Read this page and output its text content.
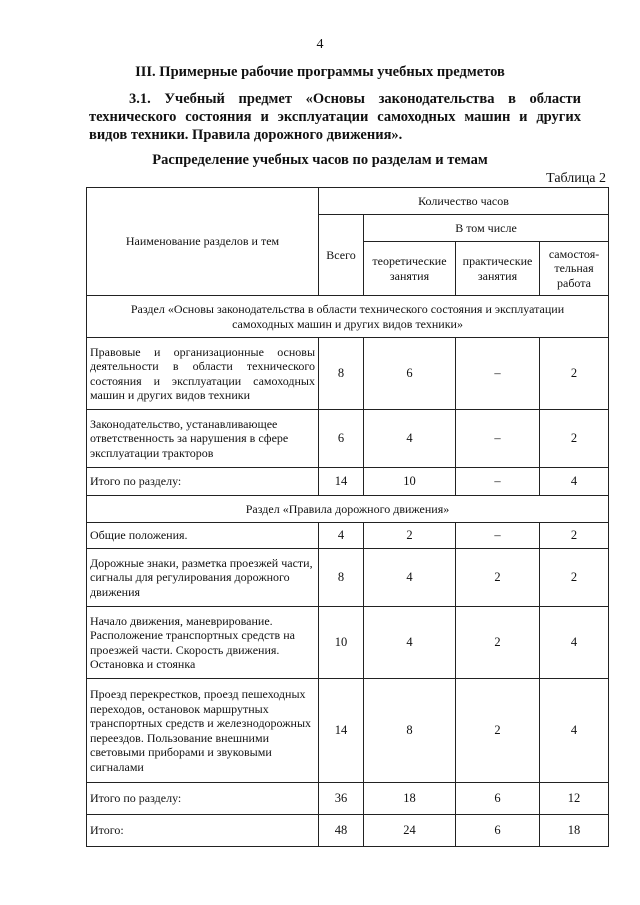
4
III. Примерные рабочие программы учебных предметов
3.1. Учебный предмет «Основы законодательства в области технического состояния и эксплуатации самоходных машин и других видов техники. Правила дорожного движения».
Распределение учебных часов по разделам и темам
Таблица 2
Наименование разделов и тем	Количество часов			
	Всего	В том числе		
		теоретические занятия	практические занятия	самостоя-тельная работа
Раздел «Основы законодательства в области технического состояния и эксплуатации самоходных машин и других видов техники»				
Правовые и организационные основы деятельности в области технического состояния и эксплуатации самоходных машин и других видов техники	8	6	–	2
Законодательство, устанавливающее ответственность за нарушения в сфере эксплуатации тракторов	6	4	–	2
Итого по разделу:	14	10	–	4
Раздел «Правила дорожного движения»				
Общие положения.	4	2	–	2
Дорожные знаки, разметка проезжей части, сигналы для регулирования дорожного движения	8	4	2	2
Начало движения, маневрирование. Расположение транспортных средств на проезжей части. Скорость движения. Остановка и стоянка	10	4	2	4
Проезд перекрестков, проезд пешеходных переходов, остановок маршрутных транспортных средств и железнодорожных переездов. Пользование внешними световыми приборами и звуковыми сигналами	14	8	2	4
Итого по разделу:	36	18	6	12
Итого:	48	24	6	18
